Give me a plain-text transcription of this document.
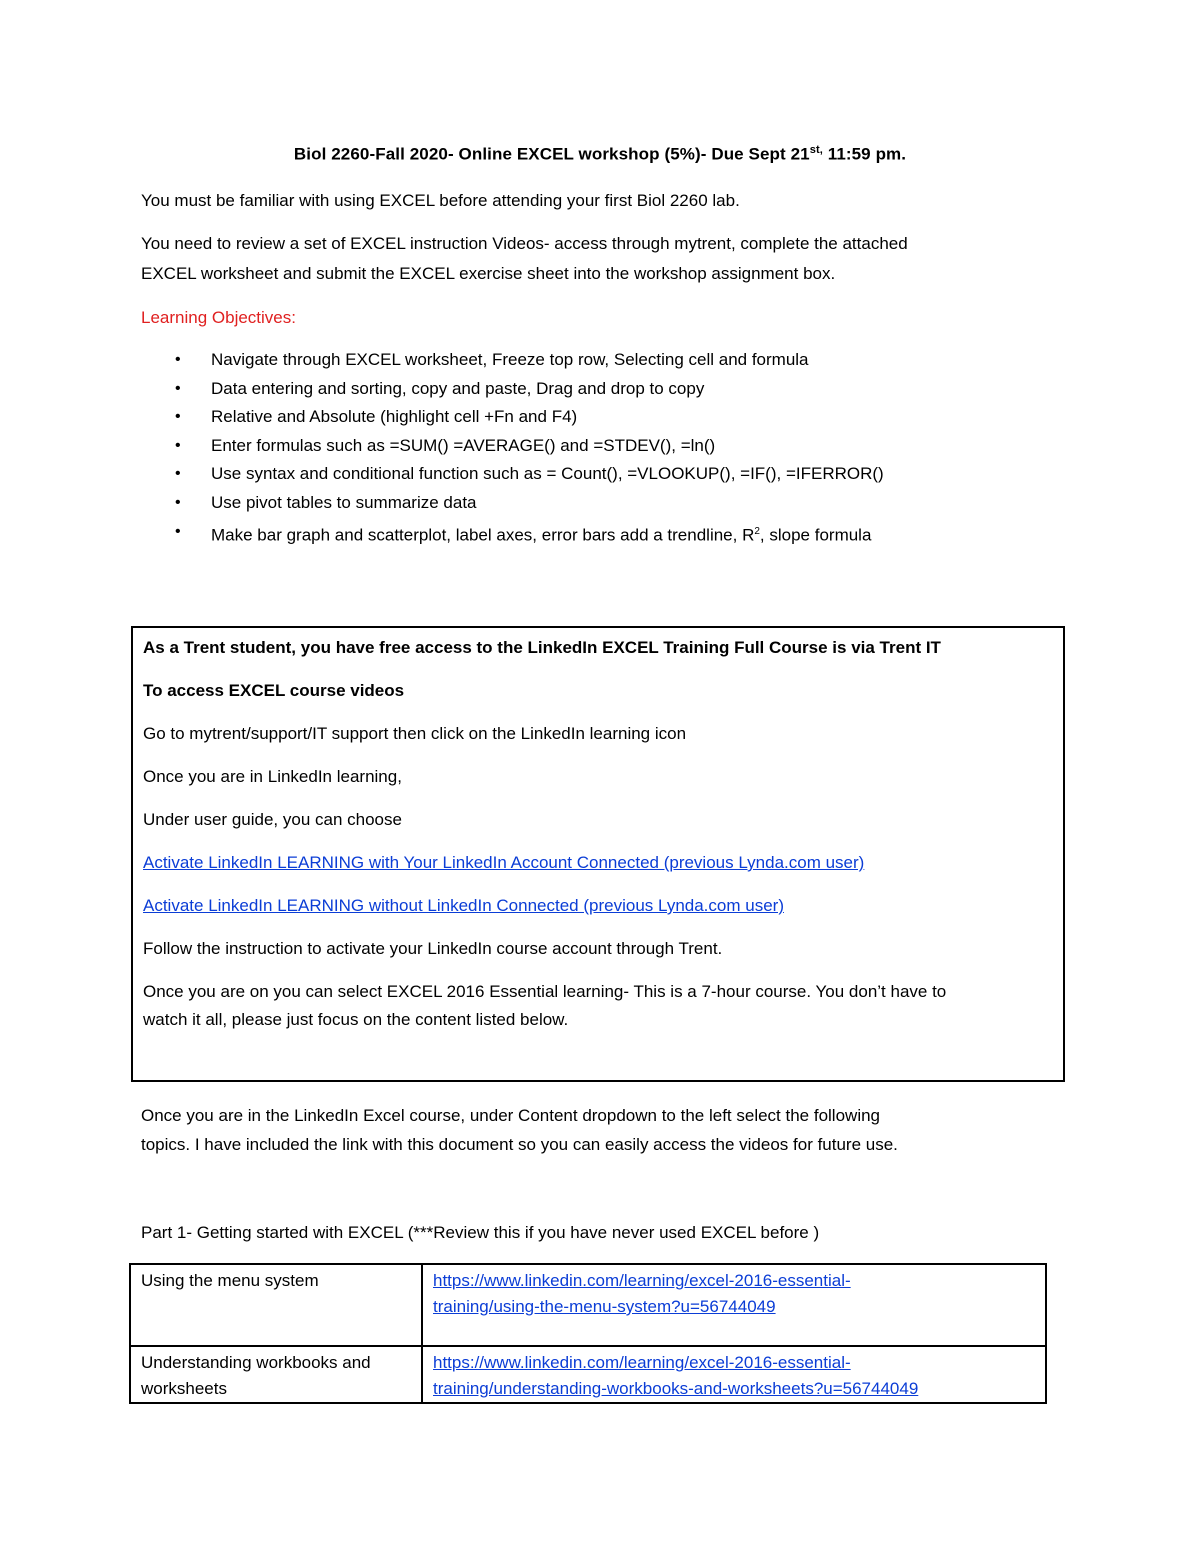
Biol 2260-Fall 2020- Online EXCEL workshop (5%)- Due Sept $21^{st,}$ 11:59 pm.

You must be familiar with using EXCEL before attending your first Biol 2260 lab.

You need to review a set of EXCEL instruction Videos- access through mytrent, complete the attached

EXCEL worksheet and submit the EXCEL exercise sheet into the workshop assignment box.

Learning Objectives:

• Navigate through EXCEL worksheet, Freeze top row, Selecting cell and formula
• Data entering and sorting, copy and paste, Drag and drop to copy
• Relative and Absolute (highlight cell +Fn and F4)
• Enter formulas such as =SUM() =AVERAGE() and =STDEV(), =ln()
• Use syntax and conditional function such as = Count(), =VLOOKUP(), =IF(), =IFERROR()
• Use pivot tables to summarize data
• Make bar graph and scatterplot, label axes, error bars add a trendline, $R^2$, slope formula

As a Trent student, you have free access to the LinkedIn EXCEL Training Full Course is via Trent IT

To access EXCEL course videos

Go to mytrent/support/IT support then click on the LinkedIn learning icon

Once you are in LinkedIn learning,

Under user guide, you can choose

Activate LinkedIn LEARNING with Your LinkedIn Account Connected (previous Lynda.com user)

Activate LinkedIn LEARNING without LinkedIn Connected (previous Lynda.com user)

Follow the instruction to activate your LinkedIn course account through Trent.

Once you are on you can select EXCEL 2016 Essential learning- This is a 7-hour course. You don’t have to
watch it all, please just focus on the content listed below.

Once you are in the LinkedIn Excel course, under Content dropdown to the left select the following

topics. I have included the link with this document so you can easily access the videos for future use.

Part 1- Getting started with EXCEL (***Review this if you have never used EXCEL before )

Using the menu system	https://www.linkedin.com/learning/excel-2016-essential-
training/using-the-menu-system?u=56744049
Understanding workbooks and
worksheets	https://www.linkedin.com/learning/excel-2016-essential-
training/understanding-workbooks-and-worksheets?u=56744049
